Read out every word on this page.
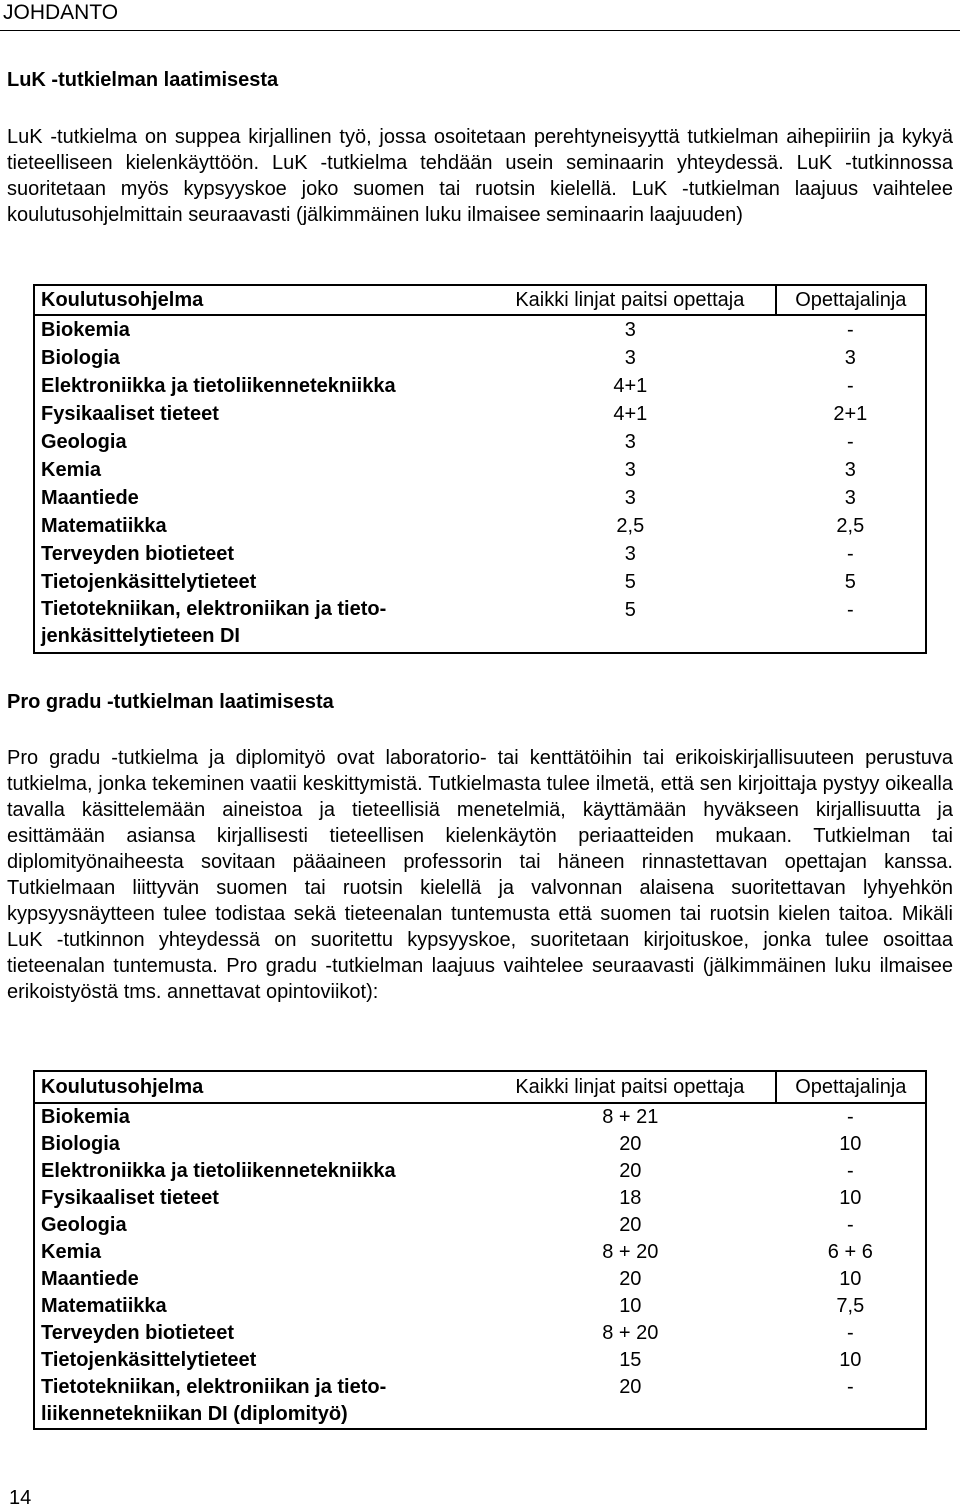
JOHDANTO
LuK -tutkielman laatimisesta

LuK -tutkielma on suppea kirjallinen työ, jossa osoitetaan perehtyneisyyttä tutkielman aihepiiriin ja kykyä tieteelliseen kielenkäyttöön. LuK -tutkielma tehdään usein seminaarin yhteydessä. LuK -tutkinnossa suoritetaan myös kypsyyskoe joko suomen tai ruotsin kielellä. LuK -tutkielman laajuus vaihtelee koulutusohjelmittain seuraavasti (jälkimmäinen luku ilmaisee seminaarin laajuuden)

Koulutusohjelma	Kaikki linjat paitsi opettaja	Opettajalinja
Biokemia	3	-
Biologia	3	3
Elektroniikka ja tietoliikennetekniikka	4+1	-
Fysikaaliset tieteet	4+1	2+1
Geologia	3	-
Kemia	3	3
Maantiede	3	3
Matematiikka	2,5	2,5
Terveyden biotieteet	3	-
Tietojenkäsittelytieteet	5	5
Tietotekniikan, elektroniikan ja tieto-jenkäsittelytieteen DI	5	-
Pro gradu -tutkielman laatimisesta

Pro gradu -tutkielma ja diplomityö ovat laboratorio- tai kenttätöihin tai erikoiskirjallisuuteen perustuva tutkielma, jonka tekeminen vaatii keskittymistä. Tutkielmasta tulee ilmetä, että sen kirjoittaja pystyy oikealla tavalla käsittelemään aineistoa ja tieteellisiä menetelmiä, käyttämään hyväkseen kirjallisuutta ja esittämään asiansa kirjallisesti tieteellisen kielenkäytön periaatteiden mukaan. Tutkielman tai diplomityönaiheesta sovitaan pääaineen professorin tai häneen rinnastettavan opettajan kanssa. Tutkielmaan liittyvän suomen tai ruotsin kielellä ja valvonnan alaisena suoritettavan lyhyehkön kypsyysnäytteen tulee todistaa sekä tieteenalan tuntemusta että suomen tai ruotsin kielen taitoa. Mikäli LuK -tutkinnon yhteydessä on suoritettu kypsyyskoe, suoritetaan kirjoituskoe, jonka tulee osoittaa tieteenalan tuntemusta. Pro gradu -tutkielman laajuus vaihtelee seuraavasti (jälkimmäinen luku ilmaisee erikoistyöstä tms. annettavat opintoviikot):

Koulutusohjelma	Kaikki linjat paitsi opettaja	Opettajalinja
Biokemia	8 + 21	-
Biologia	20	10
Elektroniikka ja tietoliikennetekniikka	20	-
Fysikaaliset tieteet	18	10
Geologia	20	-
Kemia	8 + 20	6 + 6
Maantiede	20	10
Matematiikka	10	7,5
Terveyden biotieteet	8 + 20	-
Tietojenkäsittelytieteet	15	10
Tietotekniikan, elektroniikan ja tieto-liikennetekniikan DI (diplomityö)	20	-
14
